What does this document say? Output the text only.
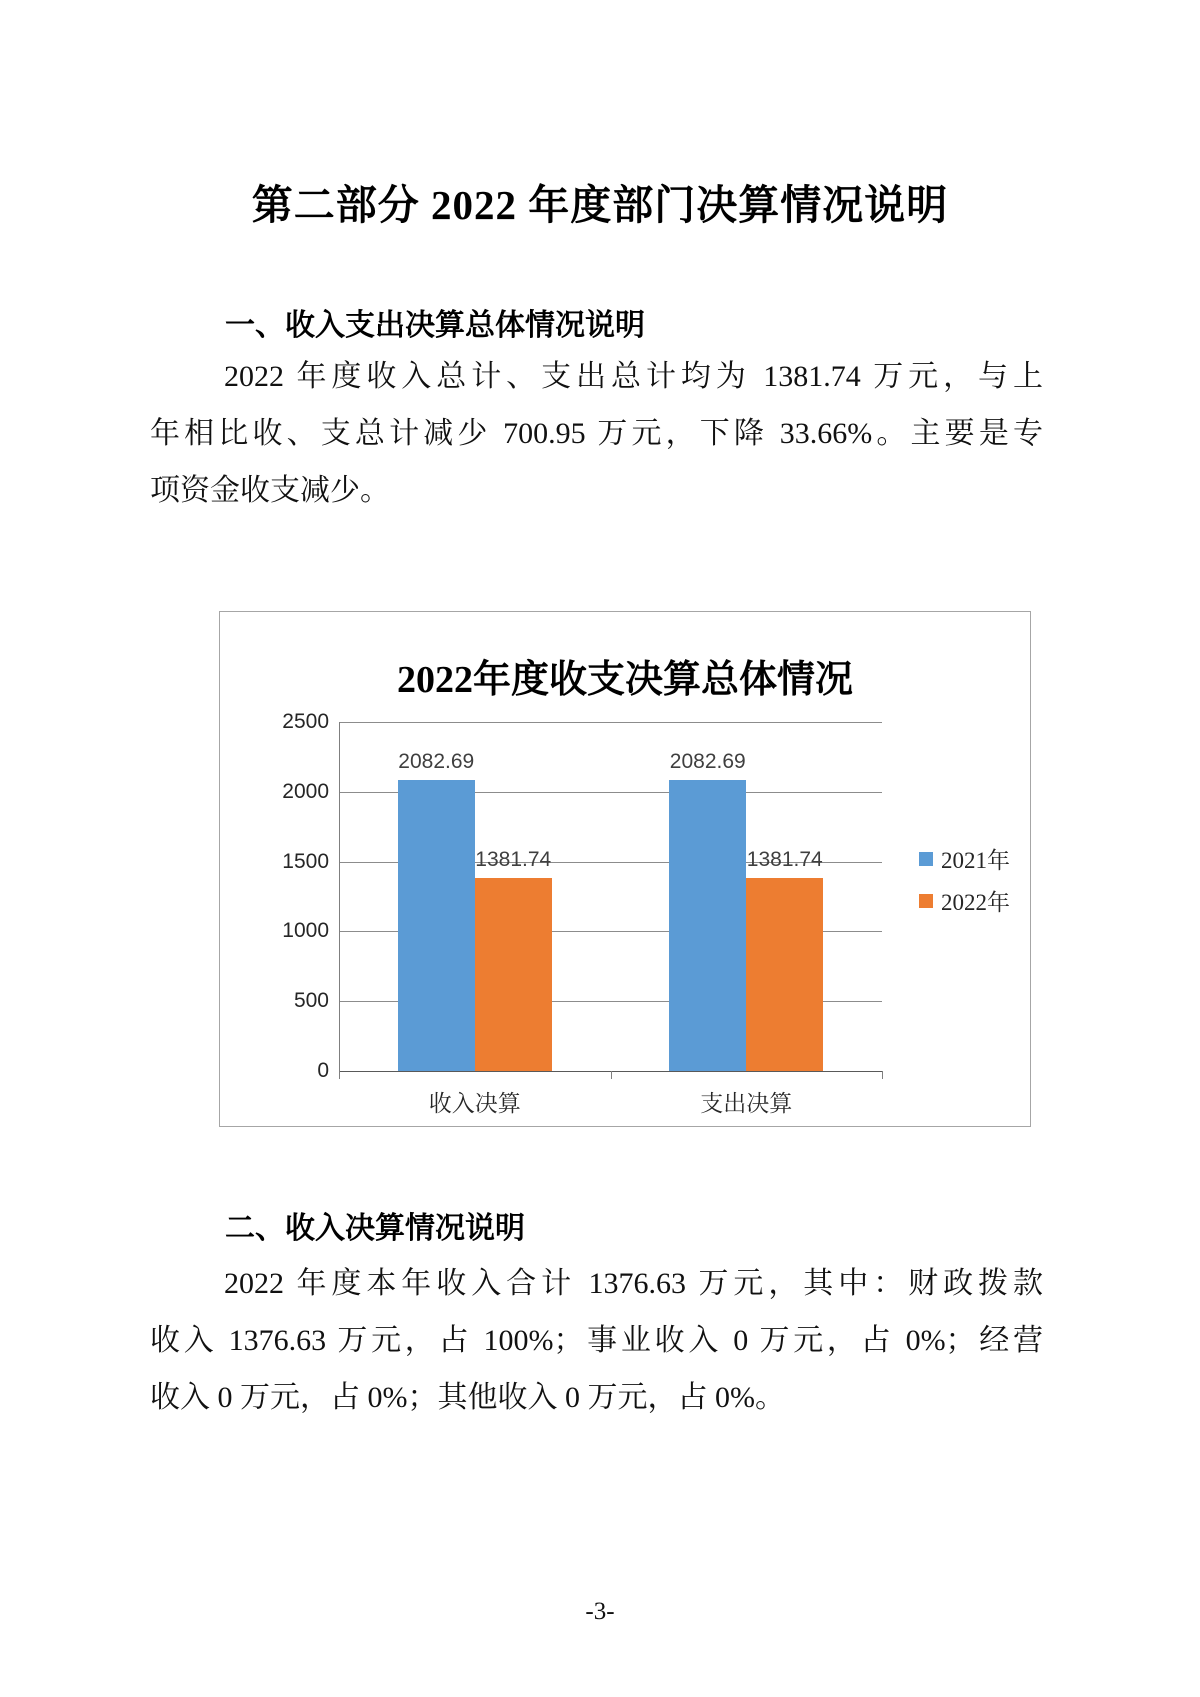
第二部分 2022 年度部门决算情况说明
一、收入支出决算总体情况说明
2022 年度收入总计、支出总计均为 1381.74 万元，与上
年相比收、支总计减少 700.95 万元，下降 33.66%。主要是专
项资金收支减少。
2022年度收支决算总体情况
0
500
1000
1500
2000
2500
2082.69
1381.74
收入决算
2082.69
1381.74
支出决算
2021年
2022年
二、收入决算情况说明
2022 年度本年收入合计 1376.63 万元，其中：财政拨款
收入 1376.63 万元，占 100%；事业收入 0 万元，占 0%；经营
收入 0 万元，占 0%；其他收入 0 万元，占 0%。
-3-
